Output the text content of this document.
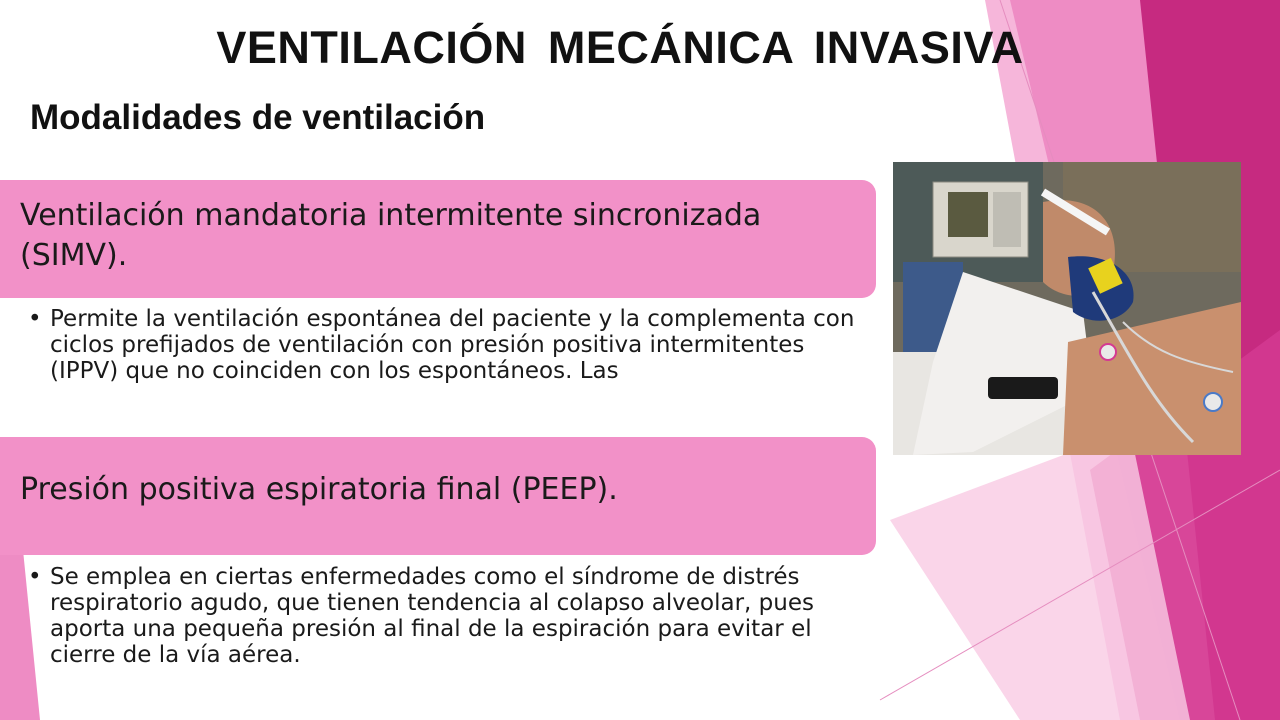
VENTILACIÓN MECÁNICA INVASIVA
Modalidades de ventilación
Ventilación mandatoria intermitente sincronizada (SIMV).
• Permite la ventilación espontánea del paciente y la complementa con ciclos prefijados de ventilación con presión positiva intermitentes (IPPV) que no coinciden con los espontáneos. Las
Presión positiva espiratoria final (PEEP).
• Se emplea en ciertas enfermedades como el síndrome de distrés respiratorio agudo, que tienen tendencia al colapso alveolar, pues aporta una pequeña presión al final de la espiración para evitar el cierre de la vía aérea.
